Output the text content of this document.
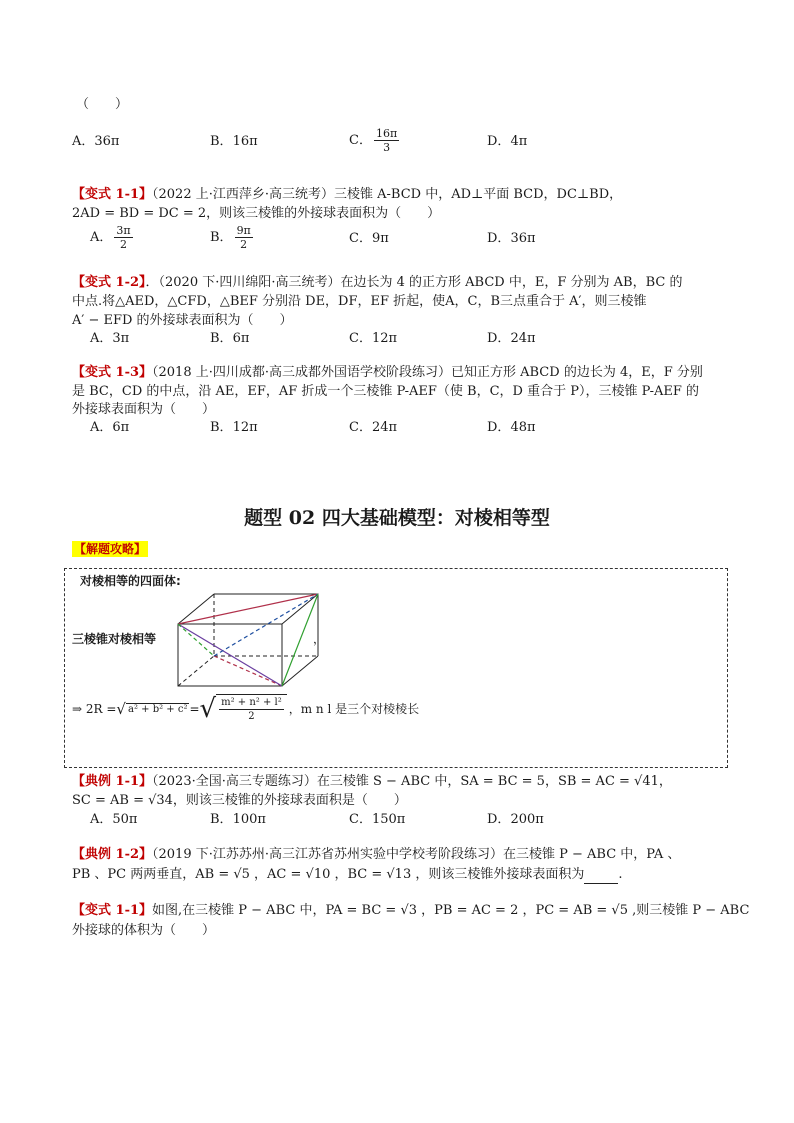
（　　）
A． 36π	B． 16π	C． $\frac{16\pi}{3}$	D． 4π
【变式 1-1】（2022 上·江西萍乡·高三统考）三棱锥 A-BCD 中，AD⊥平面 BCD，DC⊥BD，
2AD = BD = DC = 2，则该三棱锥的外接球表面积为（　　）
A． $\frac{3\pi}{2}$	B． $\frac{9\pi}{2}$	C． 9π	D． 36π
【变式 1-2】．（2020 下·四川绵阳·高三统考）在边长为 4 的正方形 ABCD 中，E，F 分别为 AB，BC 的
中点.将△AED，△CFD，△BEF 分别沿 DE，DF，EF 折起，使A，C，B三点重合于 A′，则三棱锥
A′ − EFD 的外接球表面积为（　　）
A． 3π	B． 6π	C． 12π	D． 24π
【变式 1-3】（2018 上·四川成都·高三成都外国语学校阶段练习）已知正方形 ABCD 的边长为 4，E，F 分别
是 BC，CD 的中点，沿 AE，EF，AF 折成一个三棱锥 P-AEF（使 B，C，D 重合于 P），三棱锥 P-AEF 的
外接球表面积为（　　）
A． 6π	B． 12π	C． 24π	D． 48π
题型 02 四大基础模型：对棱相等型
【解题攻略】
对棱相等的四面体:
三棱锥对棱相等	，
⇒ 2R = √ a² + b² + c² = √ m² + n² + l²
2
，m n l 是三个对棱棱长
【典例 1-1】（2023·全国·高三专题练习）在三棱锥 S − ABC 中，SA = BC = 5，SB = AC = √41，
SC = AB = √34，则该三棱锥的外接球表面积是（　　）
A． 50π	B． 100π	C． 150π	D． 200π
【典例 1-2】（2019 下·江苏苏州·高三江苏省苏州实验中学校考阶段练习）在三棱锥 P − ABC 中，PA 、
PB 、PC 两两垂直，AB = √5 ，AC = √10 ，BC = √13 ，则该三棱锥外接球表面积为	.
【变式 1-1】如图,在三棱锥 P − ABC 中，PA = BC = √3 ，PB = AC = 2 ，PC = AB = √5 ,则三棱锥 P − ABC
外接球的体积为（　　）
